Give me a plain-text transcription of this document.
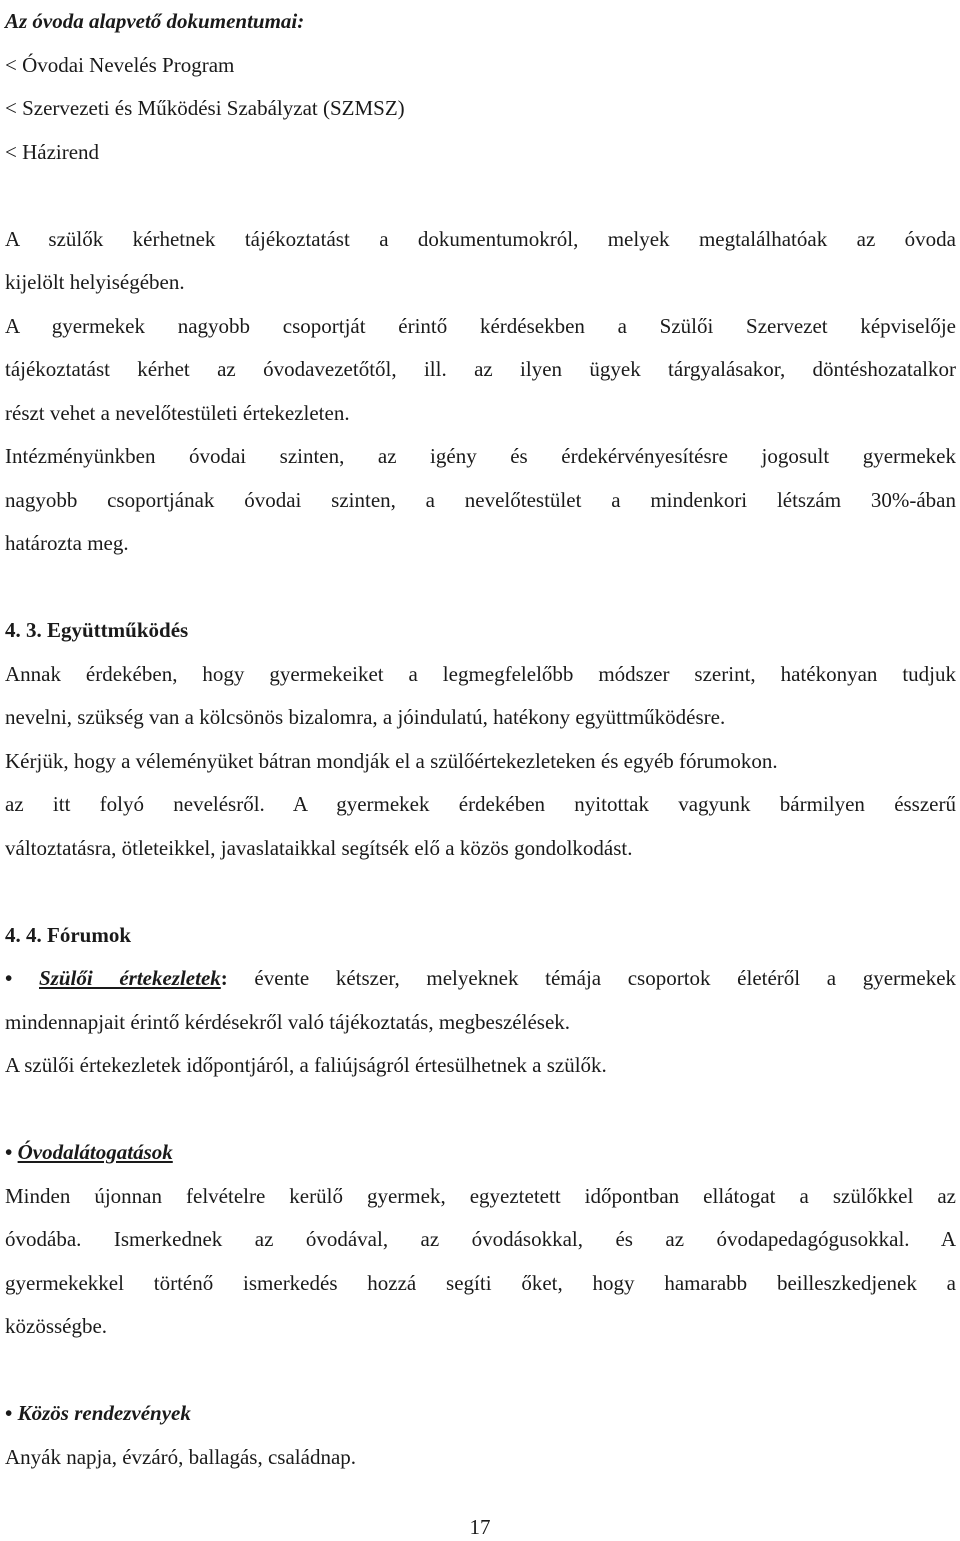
Az óvoda alapvető dokumentumai:
< Óvodai Nevelés Program
< Szervezeti és Működési Szabályzat (SZMSZ)
< Házirend
A szülők kérhetnek tájékoztatást a dokumentumokról, melyek megtalálhatóak az óvoda
kijelölt helyiségében.
A gyermekek nagyobb csoportját érintő kérdésekben a Szülői Szervezet képviselője
tájékoztatást kérhet az óvodavezetőtől, ill. az ilyen ügyek tárgyalásakor, döntéshozatalkor
részt vehet a nevelőtestületi értekezleten.
Intézményünkben óvodai szinten, az igény és érdekérvényesítésre jogosult gyermekek
nagyobb csoportjának óvodai szinten, a nevelőtestület a mindenkori létszám 30%-ában
határozta meg.
4. 3. Együttműködés
Annak érdekében, hogy gyermekeiket a legmegfelelőbb módszer szerint, hatékonyan tudjuk
nevelni, szükség van a kölcsönös bizalomra, a jóindulatú, hatékony együttműködésre.
Kérjük, hogy a véleményüket bátran mondják el a szülőértekezleteken és egyéb fórumokon.
az itt folyó nevelésről. A gyermekek érdekében nyitottak vagyunk bármilyen ésszerű
változtatásra, ötleteikkel, javaslataikkal segítsék elő a közös gondolkodást.
4. 4. Fórumok
• Szülői értekezletek: évente kétszer, melyeknek témája csoportok életéről a gyermekek
mindennapjait érintő kérdésekről való tájékoztatás, megbeszélések.
A szülői értekezletek időpontjáról, a faliújságról értesülhetnek a szülők.
• Óvodalátogatások
Minden újonnan felvételre kerülő gyermek, egyeztetett időpontban ellátogat a szülőkkel az
óvodába. Ismerkednek az óvodával, az óvodásokkal, és az óvodapedagógusokkal. A
gyermekekkel történő ismerkedés hozzá segíti őket, hogy hamarabb beilleszkedjenek a
közösségbe.
• Közös rendezvények
Anyák napja, évzáró, ballagás, családnap.
17
